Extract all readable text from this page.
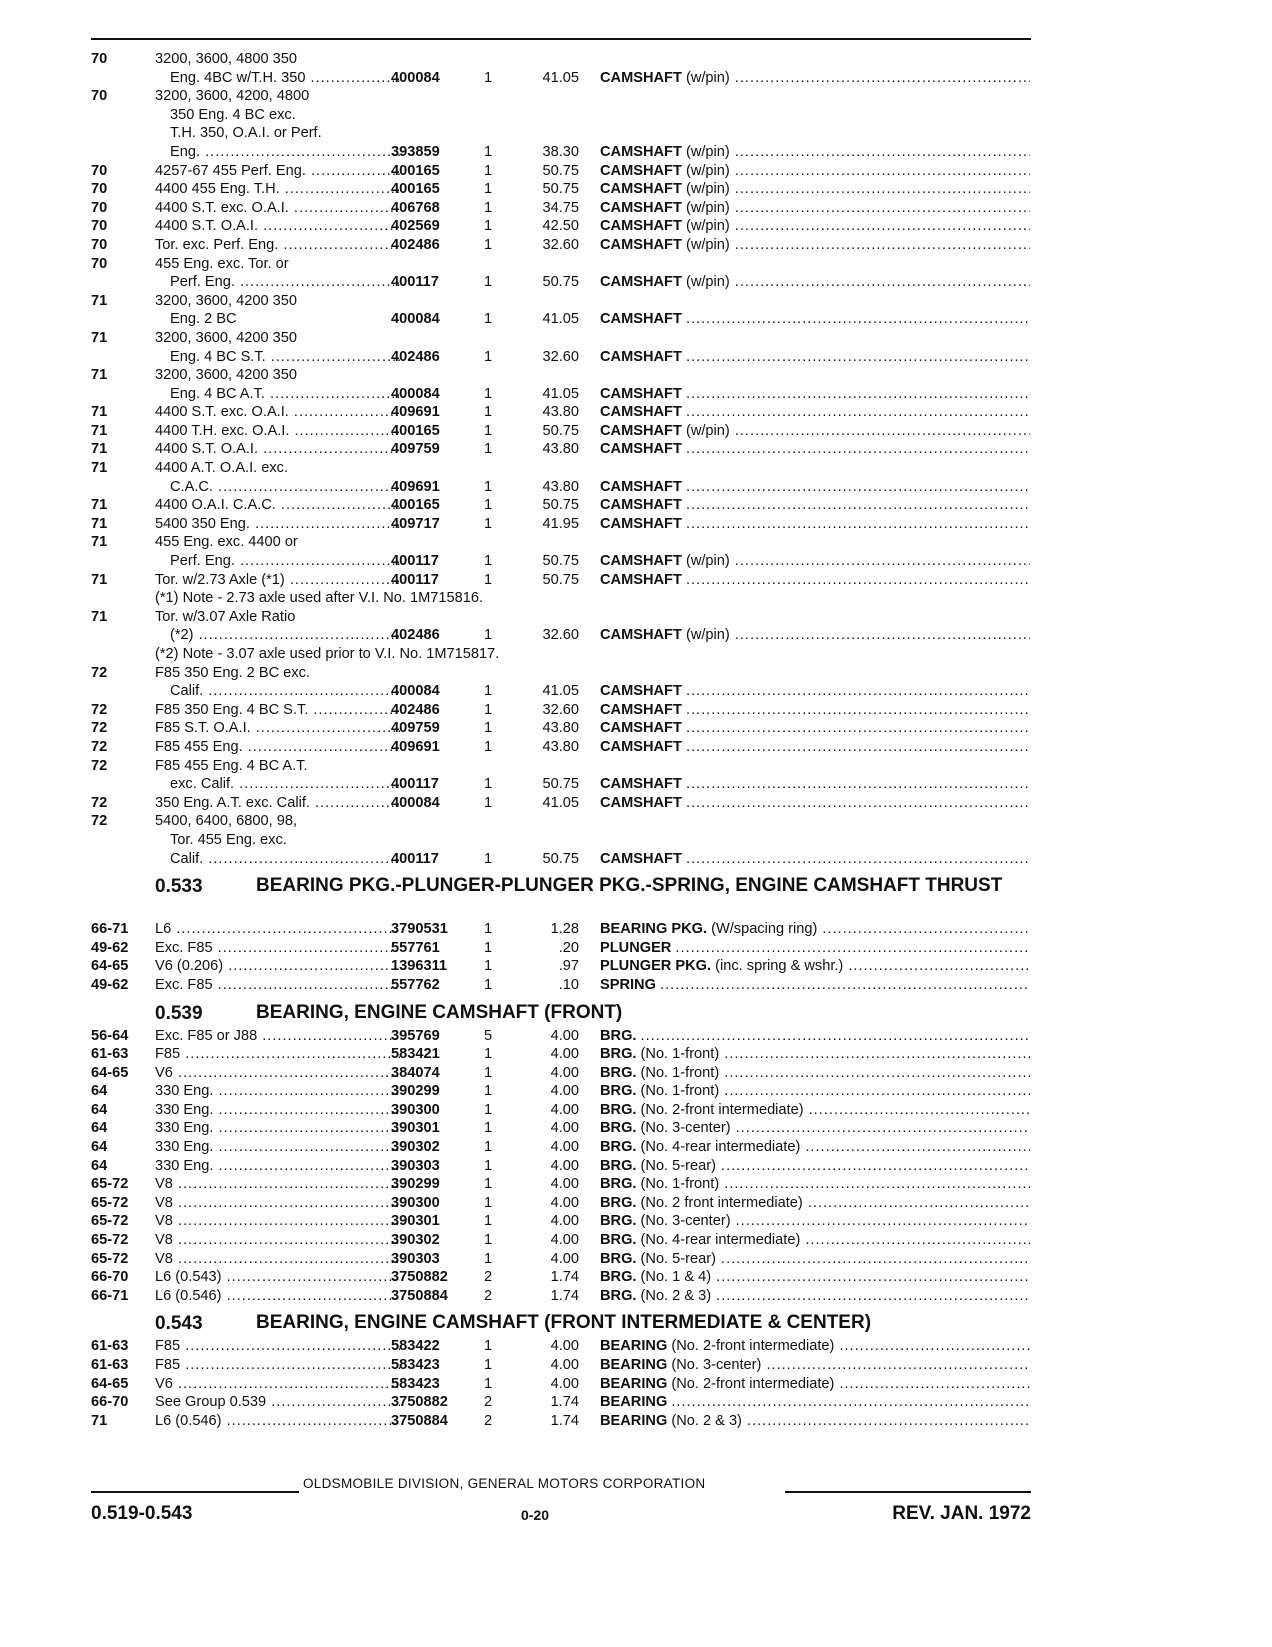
70	3200, 3600, 4800 350
Eng. 4BC w/T.H. 350 .....	400084	1	41.05 CAMSHAFT (w/pin) .....
70	3200, 3600, 4200, 4800
350 Eng. 4 BC exc.
T.H. 350, O.A.I. or Perf.
Eng. .....	393859	1	38.30 CAMSHAFT (w/pin) .....
70	4257-67 455 Perf. Eng. .....	400165	1	50.75 CAMSHAFT (w/pin) .....
70	4400 455 Eng. T.H. .....	400165	1	50.75 CAMSHAFT (w/pin) .....
70	4400 S.T. exc. O.A.I. .....	406768	1	34.75 CAMSHAFT (w/pin) .....
70	4400 S.T. O.A.I. .....	402569	1	42.50 CAMSHAFT (w/pin) .....
70	Tor. exc. Perf. Eng. .....	402486	1	32.60 CAMSHAFT (w/pin) .....
70	455 Eng. exc. Tor. or
Perf. Eng. .....	400117	1	50.75 CAMSHAFT (w/pin) .....
71	3200, 3600, 4200 350
Eng. 2 BC	400084	1	41.05 CAMSHAFT .....
71	3200, 3600, 4200 350
Eng. 4 BC S.T. .....	402486	1	32.60 CAMSHAFT .....
71	3200, 3600, 4200 350
Eng. 4 BC A.T. .....	400084	1	41.05 CAMSHAFT .....
71	4400 S.T. exc. O.A.I. .....	409691	1	43.80 CAMSHAFT .....
71	4400 T.H. exc. O.A.I. .....	400165	1	50.75 CAMSHAFT (w/pin) .....
71	4400 S.T. O.A.I. .....	409759	1	43.80 CAMSHAFT .....
71	4400 A.T. O.A.I. exc.
C.A.C. .....	409691	1	43.80 CAMSHAFT .....
71	4400 O.A.I. C.A.C. .....	400165	1	50.75 CAMSHAFT .....
71	5400 350 Eng. .....	409717	1	41.95 CAMSHAFT .....
71	455 Eng. exc. 4400 or
Perf. Eng. .....	400117	1	50.75 CAMSHAFT (w/pin) .....
71	Tor. w/2.73 Axle (*1) .....	400117	1	50.75 CAMSHAFT .....
(*1) Note - 2.73 axle used after V.I. No. 1M715816.
71	Tor. w/3.07 Axle Ratio
(*2) .....	402486	1	32.60 CAMSHAFT (w/pin) .....
(*2) Note - 3.07 axle used prior to V.I. No. 1M715817.
72	F85 350 Eng. 2 BC exc.
Calif. .....	400084	1	41.05 CAMSHAFT .....
72	F85 350 Eng. 4 BC S.T. .....	402486	1	32.60 CAMSHAFT .....
72	F85 S.T. O.A.I. .....	409759	1	43.80 CAMSHAFT .....
72	F85 455 Eng. .....	409691	1	43.80 CAMSHAFT .....
72	F85 455 Eng. 4 BC A.T.
exc. Calif. .....	400117	1	50.75 CAMSHAFT .....
72	350 Eng. A.T. exc. Calif. .....	400084	1	41.05 CAMSHAFT .....
72	5400, 6400, 6800, 98,
Tor. 455 Eng. exc.
Calif. .....	400117	1	50.75 CAMSHAFT .....
0.533	BEARING PKG.-PLUNGER-PLUNGER PKG.-SPRING, ENGINE CAMSHAFT THRUST
66-71	L6 .....	3790531	1	1.28 BEARING PKG. (W/spacing ring) .....
49-62	Exc. F85 .....	557761	1	.20 PLUNGER .....
64-65	V6 (0.206) .....	1396311	1	.97 PLUNGER PKG. (inc. spring & wshr.) .....
49-62	Exc. F85 .....	557762	1	.10 SPRING .....
0.539	BEARING, ENGINE CAMSHAFT (FRONT)
56-64	Exc. F85 or J88 .....	395769	5	4.00 BRG. .....
61-63	F85 .....	583421	1	4.00 BRG. (No. 1-front) .....
64-65	V6 .....	384074	1	4.00 BRG. (No. 1-front) .....
64	330 Eng. .....	390299	1	4.00 BRG. (No. 1-front) .....
64	330 Eng. .....	390300	1	4.00 BRG. (No. 2-front intermediate) .....
64	330 Eng. .....	390301	1	4.00 BRG. (No. 3-center) .....
64	330 Eng. .....	390302	1	4.00 BRG. (No. 4-rear intermediate) .....
64	330 Eng. .....	390303	1	4.00 BRG. (No. 5-rear) .....
65-72	V8 .....	390299	1	4.00 BRG. (No. 1-front) .....
65-72	V8 .....	390300	1	4.00 BRG. (No. 2 front intermediate) .....
65-72	V8 .....	390301	1	4.00 BRG. (No. 3-center) .....
65-72	V8 .....	390302	1	4.00 BRG. (No. 4-rear intermediate) .....
65-72	V8 .....	390303	1	4.00 BRG. (No. 5-rear) .....
66-70	L6 (0.543) .....	3750882	2	1.74 BRG. (No. 1 & 4) .....
66-71	L6 (0.546) .....	3750884	2	1.74 BRG. (No. 2 & 3) .....
0.543	BEARING, ENGINE CAMSHAFT (FRONT INTERMEDIATE & CENTER)
61-63	F85 .....	583422	1	4.00 BEARING (No. 2-front intermediate) .....
61-63	F85 .....	583423	1	4.00 BEARING (No. 3-center) .....
64-65	V6 .....	583423	1	4.00 BEARING (No. 2-front intermediate) .....
66-70	See Group 0.539 .....	3750882	2	1.74 BEARING .....
71	L6 (0.546) .....	3750884	2	1.74 BEARING (No. 2 & 3) .....
OLDSMOBILE DIVISION, GENERAL MOTORS CORPORATION
0.519-0.543	0-20	REV. JAN. 1972
